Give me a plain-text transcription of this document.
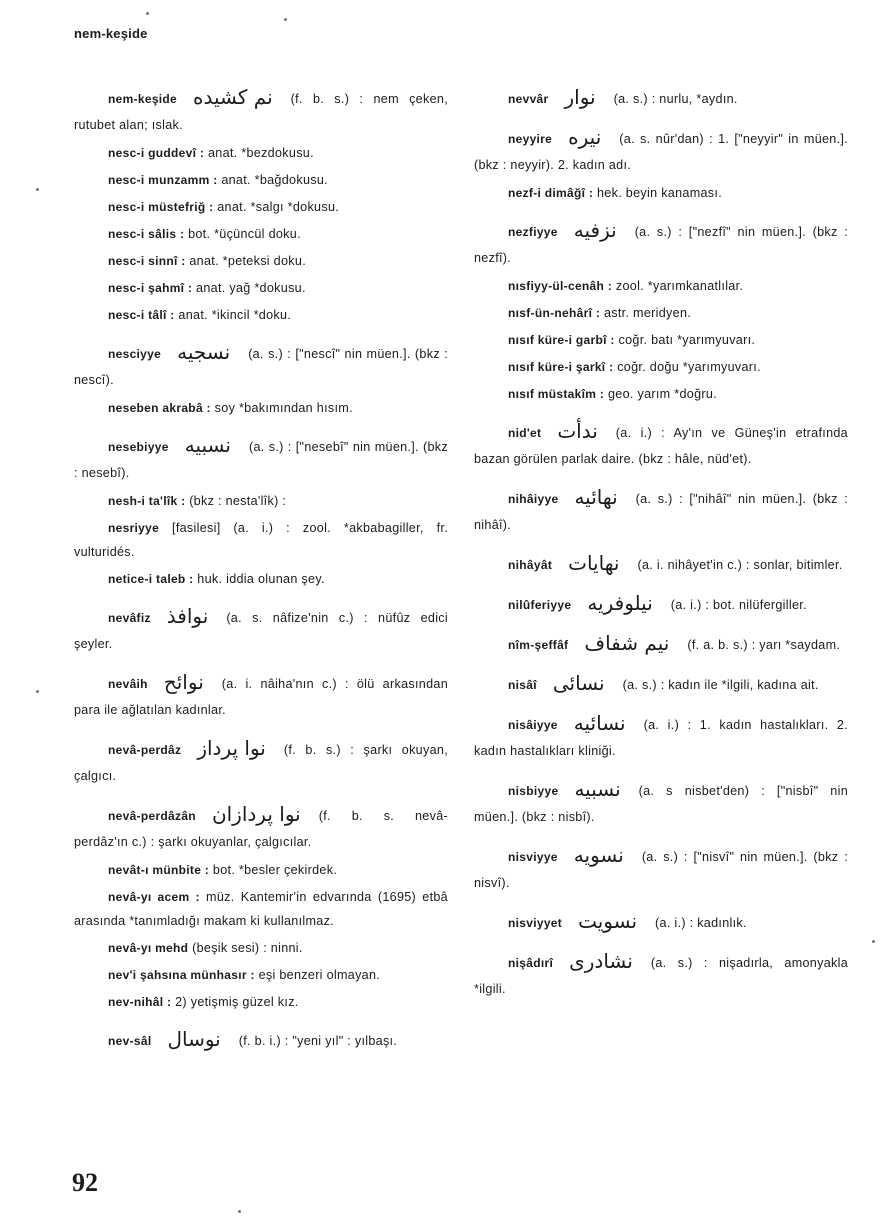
nem-keşide
nem-keşide نم كشيده (f. b. s.) : nem çeken, rutubet alan; ıslak.
nesc-i guddevî : anat. *bezdokusu.
nesc-i munzamm : anat. *bağdokusu.
nesc-i müstefriğ : anat. *salgı *dokusu.
nesc-i sâlis : bot. *üçüncül doku.
nesc-i sinnî : anat. *peteksi doku.
nesc-i şahmî : anat. yağ *dokusu.
nesc-i tâlî : anat. *ikincil *doku.
nesciyye نسجيه (a. s.) : ["nescî" nin müen.]. (bkz : nescî).
neseben akrabâ : soy *bakımından hısım.
nesebiyye نسبيه (a. s.) : ["nesebî" nin müen.]. (bkz : nesebî).
nesh-i ta'lîk : (bkz : nesta'lîk) :
nesriyye [fasilesi] (a. i.) : zool. *akbabagiller, fr. vulturidés.
netice-i taleb : huk. iddia olunan şey.
nevâfiz نوافذ (a. s. nâfize'nin c.) : nüfûz edici şeyler.
nevâih نوائح (a. i. nâiha'nın c.) : ölü arkasından para ile ağlatılan kadınlar.
nevâ-perdâz نوا پرداز (f. b. s.) : şarkı okuyan, çalgıcı.
nevâ-perdâzân نوا پردازان (f. b. s. nevâ-perdâz'ın c.) : şarkı okuyanlar, çalgıcılar.
nevât-ı münbite : bot. *besler çekirdek.
nevâ-yı acem : müz. Kantemir'in edvarında (1695) etbâ arasında *tanımladığı makam ki kullanılmaz.
nevâ-yı mehd (beşik sesi) : ninni.
nev'i şahsına münhasır : eşi benzeri olmayan.
nev-nihâl : 2) yetişmiş güzel kız.
nev-sâl نوسال (f. b. i.) : "yeni yıl" : yılbaşı.
nevvâr نوار (a. s.) : nurlu, *aydın.
neyyire نيره (a. s. nûr'dan) : 1. ["neyyir" in müen.]. (bkz : neyyir). 2. kadın adı.
nezf-i dimâğî : hek. beyin kanaması.
nezfiyye نزفيه (a. s.) : ["nezfî" nin müen.]. (bkz : nezfî).
nısfiyy-ül-cenâh : zool. *yarımkanatlılar.
nısf-ün-nehârî : astr. meridyen.
nısıf küre-i garbî : coğr. batı *yarımyuvarı.
nısıf küre-i şarkî : coğr. doğu *yarımyuvarı.
nısıf müstakîm : geo. yarım *doğru.
nid'et ندأت (a. i.) : Ay'ın ve Güneş'in etrafında bazan görülen parlak daire. (bkz : hâle, nüd'et).
nihâiyye نهائيه (a. s.) : ["nihâî" nin müen.]. (bkz : nihâî).
nihâyât نهايات (a. i. nihâyet'in c.) : sonlar, bitimler.
nilûferiyye نيلوفريه (a. i.) : bot. nilüfergiller.
nîm-şeffâf نيم شفاف (f. a. b. s.) : yarı *saydam.
nisâî نسائى (a. s.) : kadın ile *ilgili, kadına ait.
nisâiyye نسائيه (a. i.) : 1. kadın hastalıkları. 2. kadın hastalıkları kliniği.
nisbiyye نسبيه (a. s nisbet'den) : ["nisbî" nin müen.]. (bkz : nisbî).
nisviyye نسويه (a. s.) : ["nisvî" nin müen.]. (bkz : nisvî).
nisviyyet نسويت (a. i.) : kadınlık.
nişâdırî نشادرى (a. s.) : nişadırla, amonyakla *ilgili.
92
